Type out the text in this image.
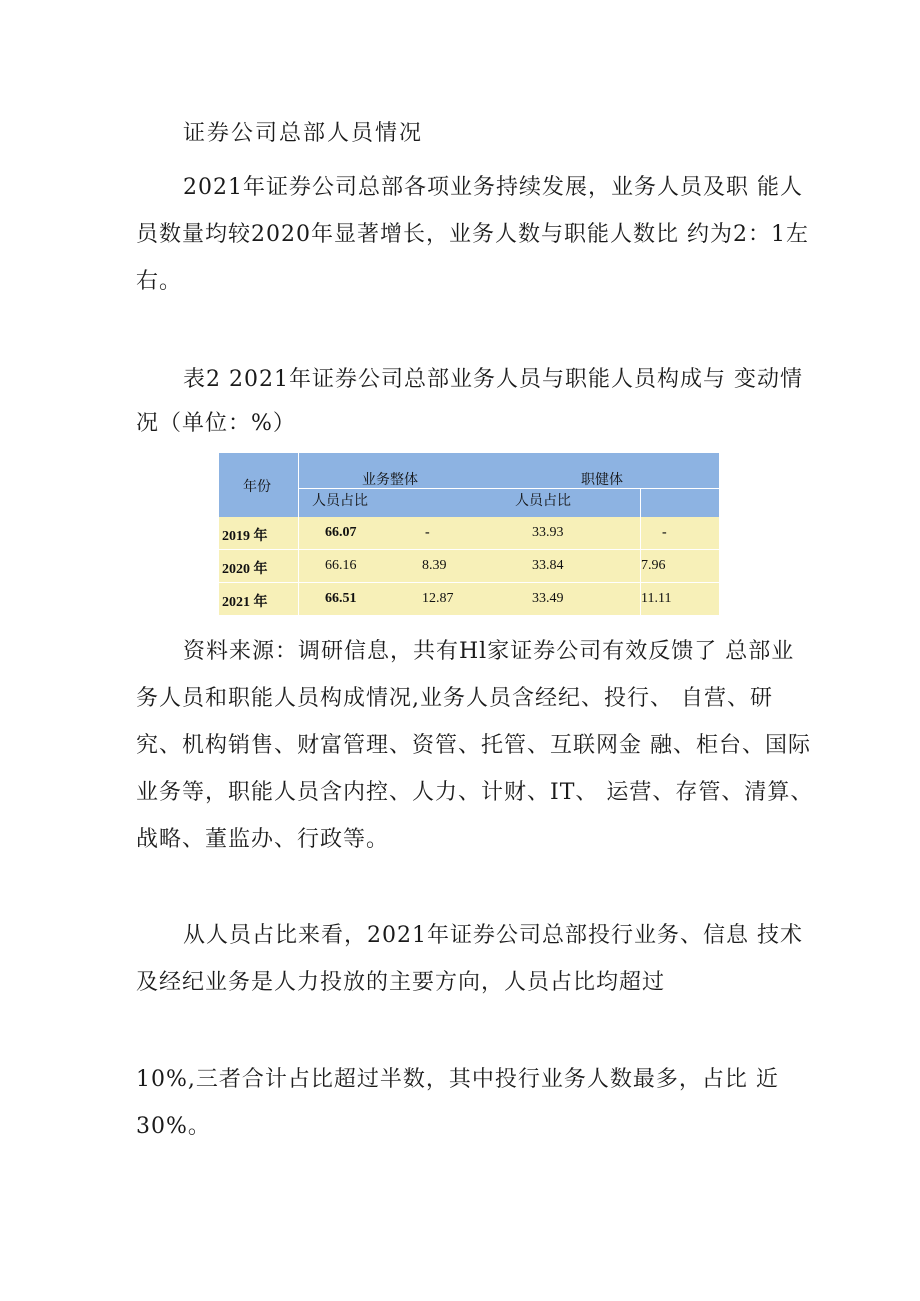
证券公司总部人员情况

2021年证券公司总部各项业务持续发展，业务人员及职 能人
员数量均较2020年显著增长，业务人数与职能人数比 约为2：1左
右。
表2 2021年证券公司总部业务人员与职能人员构成与 变动情
况（单位：%）
年份	业务整体	职健体
人员占比	人员占比
2019 年	66.07	-	33.93	-
2020 年	66.16	8.39	33.84	7.96
2021 年	66.51	12.87	33.49	11.11
资料来源：调研信息，共有Hl家证券公司有效反馈了 总部业
务人员和职能人员构成情况,业务人员含经纪、投行、 自营、研
究、机构销售、财富管理、资管、托管、互联网金 融、柜台、国际
业务等，职能人员含内控、人力、计财、IT、 运营、存管、清算、
战略、董监办、行政等。
从人员占比来看，2021年证券公司总部投行业务、信息 技术
及经纪业务是人力投放的主要方向，人员占比均超过
10%,三者合计占比超过半数，其中投行业务人数最多，占比 近
30%。
